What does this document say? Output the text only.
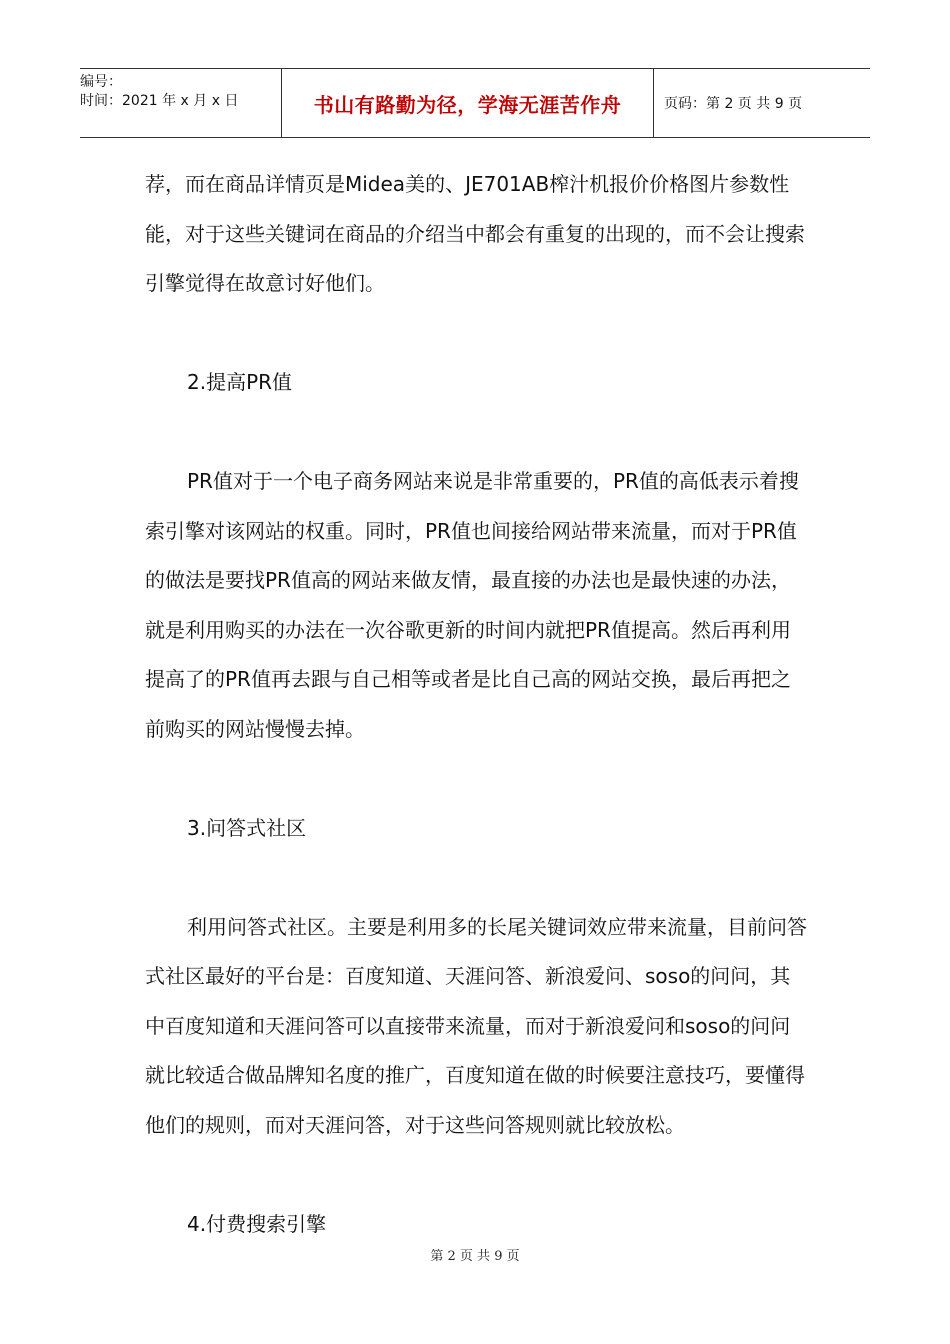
编号：
时间：2021 年 x 月 x 日	书山有路勤为径，学海无涯苦作舟	页码：第 2 页 共 9 页

荐，而在商品详情页是Midea美的、JE701AB榨汁机报价价格图片参数性能，对于这些关键词在商品的介绍当中都会有重复的出现的，而不会让搜索引擎觉得在故意讨好他们。

2.提高PR值

PR值对于一个电子商务网站来说是非常重要的，PR值的高低表示着搜索引擎对该网站的权重。同时，PR值也间接给网站带来流量，而对于PR值的做法是要找PR值高的网站来做友情，最直接的办法也是最快速的办法，就是利用购买的办法在一次谷歌更新的时间内就把PR值提高。然后再利用提高了的PR值再去跟与自己相等或者是比自己高的网站交换，最后再把之前购买的网站慢慢去掉。

3.问答式社区

利用问答式社区。主要是利用多的长尾关键词效应带来流量，目前问答式社区最好的平台是：百度知道、天涯问答、新浪爱问、soso的问问，其中百度知道和天涯问答可以直接带来流量，而对于新浪爱问和soso的问问就比较适合做品牌知名度的推广，百度知道在做的时候要注意技巧，要懂得他们的规则，而对天涯问答，对于这些问答规则就比较放松。

4.付费搜索引擎

第 2 页 共 9 页
